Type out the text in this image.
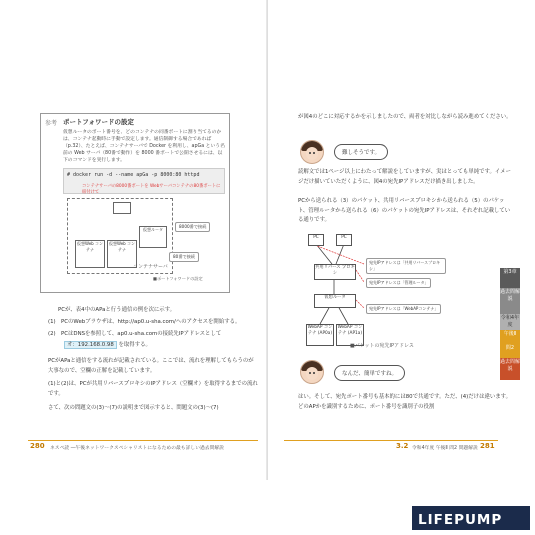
参考 ポートフォワードの設定
仮想ルータのポート番号を、どのコンテナの同番ポートに割り当てるのかは、コンテナ起動時に手動で設定します。通信制御する場合であれば（p.32）、たとえば、コンテナサーバで Docker を利用し、apGa という名前の Web サーバ（80番で動作）を 8000 番ポートで公開させるには、以下のコマンドを実行します。
# docker run -d --name apGa -p 8000:80 httpd
コンテナサーバの8000番ポートを Webサーバコンテナの80番ポートに紐付けて
仮想ルータ
仮想Web コンテナ
仮想Web コンテナ
8000番で接続
80番で接続
コンテナサーバ
■ポートフォワードの設定
PCが、表4中のAPaと行う通信の例を次に示す。
(1)　PCのWebブラウザは、http://ap0.u-sha.com/へのアクセスを開始する。
(2)　PCはDNSを参照して、ap0.u-sha.comの接続先IPアドレスとして
オ：192.168.0.98 を取得する。
PCがAPaと通信をする流れが記載されている。ここでは、流れを理解してもらうのが大事なので、空欄の正解を記載しています。
(1)と(2)は、PCが共用リバースプロキシのIPアドレス（空欄オ）を取得するまでの流れです。
さて、次の問題文の(3)〜(7)の説明まで図示すると、問題文の(3)〜(7)
280 ネスペ読 ―午後ネットワークスペシャリストになるための最も詳しい過去問解説
が図4のどこに対応するかを示しましたので、両者を対比しながら読み進めてください。
難しそうです。
読解文では1ページ以上にわたって解説をしていますが、実はとっても単純です。イメージだけ描いていただくように、図4の宛先IPアドレスだけ描き出しました。
PCから送られる（3）のパケット、共用リバースプロキシから送られる（5）のパケット、管理ルータから送られる（6）のパケットの宛先IPアドレスは、それぞれ記載している通りです。
なんだ、簡単ですね。
はい。そして、宛先ポート番号も基本的には80で共通です。ただ、(4)だけは違います。どのAPかを識別するために、ポート番号を識別子の役割
3.2 令和4年度 午後Ⅱ 問2 問題解説 281
PC	PC
共用リバース プロキシ
仮想ルータ
WebAP コンテナ (AP0a)
WebAP コンテナ (AP1a)
宛先IPアドレスは「共用リバースプロキシ」
宛先IPアドレスは「管理ルータ」
宛先IPアドレスは「WebAPコンテナ」
■パケットの宛先IPアドレス
第3章
過去問解説
令和4年度
午後Ⅱ
問2
過去問解説
LIFEPUMP
